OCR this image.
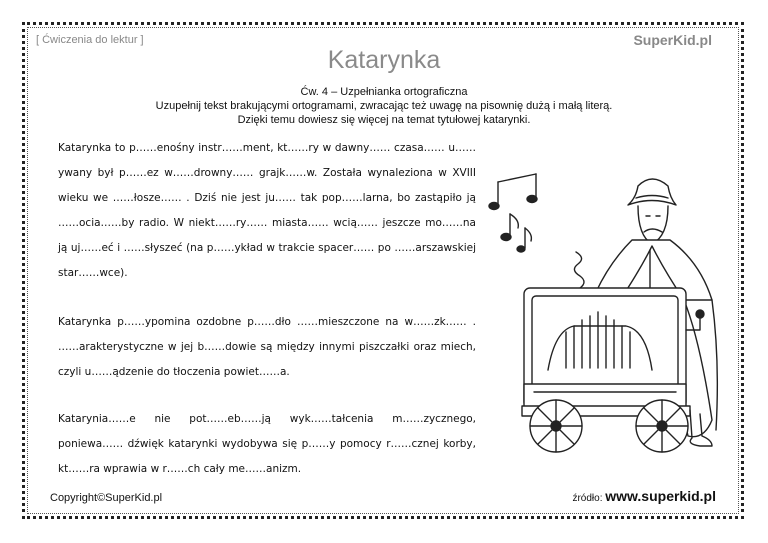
[ Ćwiczenia do lektur ]	SuperKid.pl
Katarynka
Ćw. 4 – Uzpełnianka ortograficzna
Uzupełnij tekst brakującymi ortogramami, zwracając też uwagę na pisownię dużą i małą literą.
Dzięki temu dowiesz się więcej na temat tytułowej katarynki.
Katarynka to p……enośny instr……ment, kt……ry w dawny…… czasa…… u……ywany był p……ez w……drowny…… grajk……w. Została wynaleziona w XVIII wieku we ……łosze…… . Dziś nie jest ju…… tak pop……larna, bo zastąpiło ją ……ocia……by radio. W niekt……ry…… miasta…… wcią…… jeszcze mo……na ją uj……eć i ……słyszeć (na p……ykład w trakcie spacer…… po ……arszawskiej star……wce).
Katarynka p……ypomina ozdobne p……dło ……mieszczone na w……zk…… . ……arakterystyczne w jej b……dowie są między innymi piszczałki oraz miech, czyli u……ądzenie do tłoczenia powiet……a.
Katarynia……e nie pot……eb……ją wyk……tałcenia m……zycznego, poniewa…… dźwięk katarynki wydobywa się p……y pomocy r……cznej korby, kt……ra wprawia w r……ch cały me……anizm.
Copyright©SuperKid.pl	źródło: www.superkid.pl
